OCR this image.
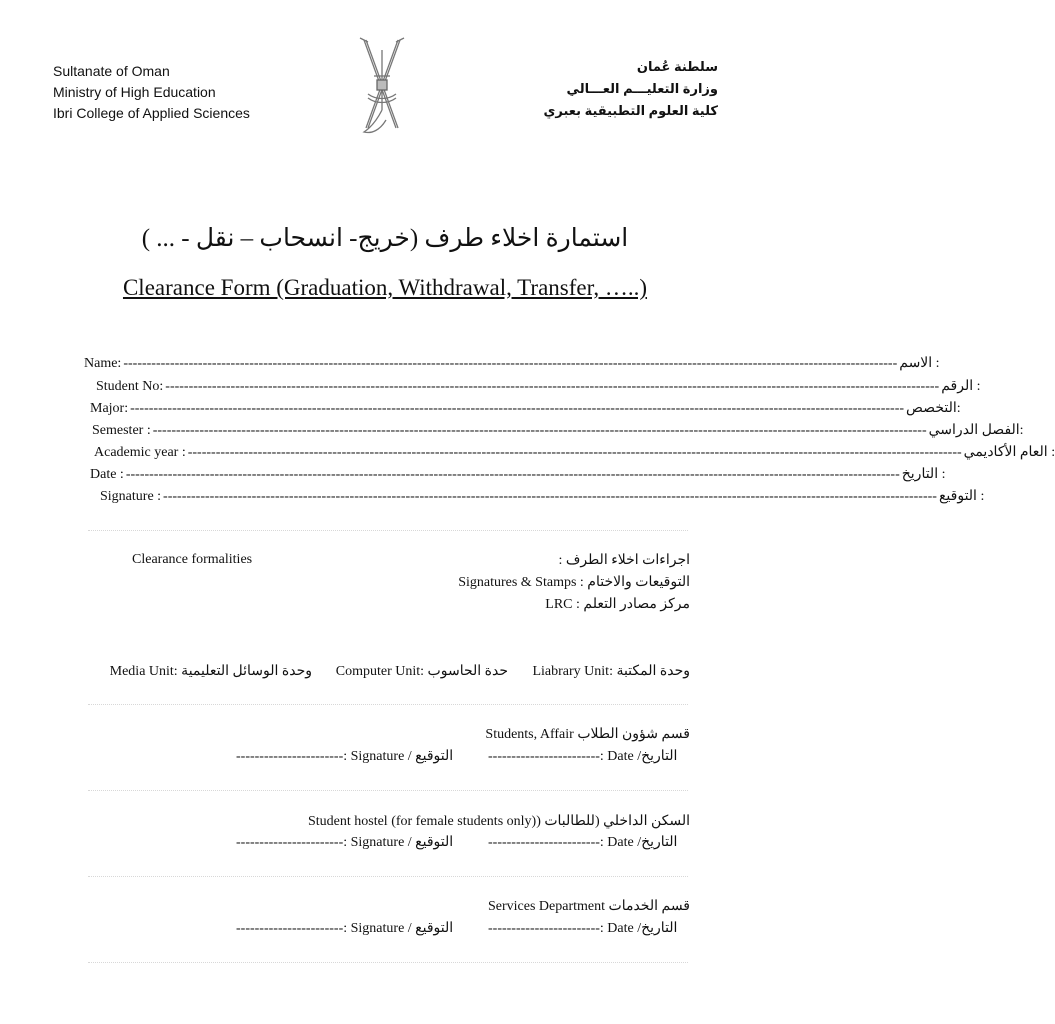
Sultanate of Oman
Ministry of High Education
Ibri College of Applied Sciences
سلطنة عُمان
وزارة التعليـــم العـــالي
كلية العلوم التطبيقية بعبري
استمارة اخلاء طرف (خريج- انسحاب – نقل - ... )
Clearance Form (Graduation, Withdrawal, Transfer, …..)
Name: ---------------------------------------------------------------------------------------------------------------------------------------------------------------------- : الاسم
Student No: ---------------------------------------------------------------------------------------------------------------------------------------------------------------------- : الرقم
Major: ---------------------------------------------------------------------------------------------------------------------------------------------------------------------- :التخصص
Semester : ---------------------------------------------------------------------------------------------------------------------------------------------------------------------- :الفصل الدراسي
Academic year : ---------------------------------------------------------------------------------------------------------------------------------------------------------------------- : العام الأكاديمي
Date : ---------------------------------------------------------------------------------------------------------------------------------------------------------------------- : التاريخ
Signature : ---------------------------------------------------------------------------------------------------------------------------------------------------------------------- : التوقيع
Clearance formalities	اجراءات اخلاء الطرف :
التوقيعات والاختام : Signatures & Stamps
مركز مصادر التعلم : LRC
وحدة الوسائل التعليمية :Media Unit حدة الحاسوب :Computer Unit وحدة المكتبة :Liabrary Unit
قسم شؤون الطلاب Students, Affair
-----------------------التوقيع / Signature : ------------------------التاريخ/ Date :
السكن الداخلي (للطالبات (Student hostel (for female students only)
-----------------------التوقيع / Signature : ------------------------التاريخ/ Date :
قسم الخدمات Services Department
-----------------------التوقيع / Signature : ------------------------التاريخ/ Date :
